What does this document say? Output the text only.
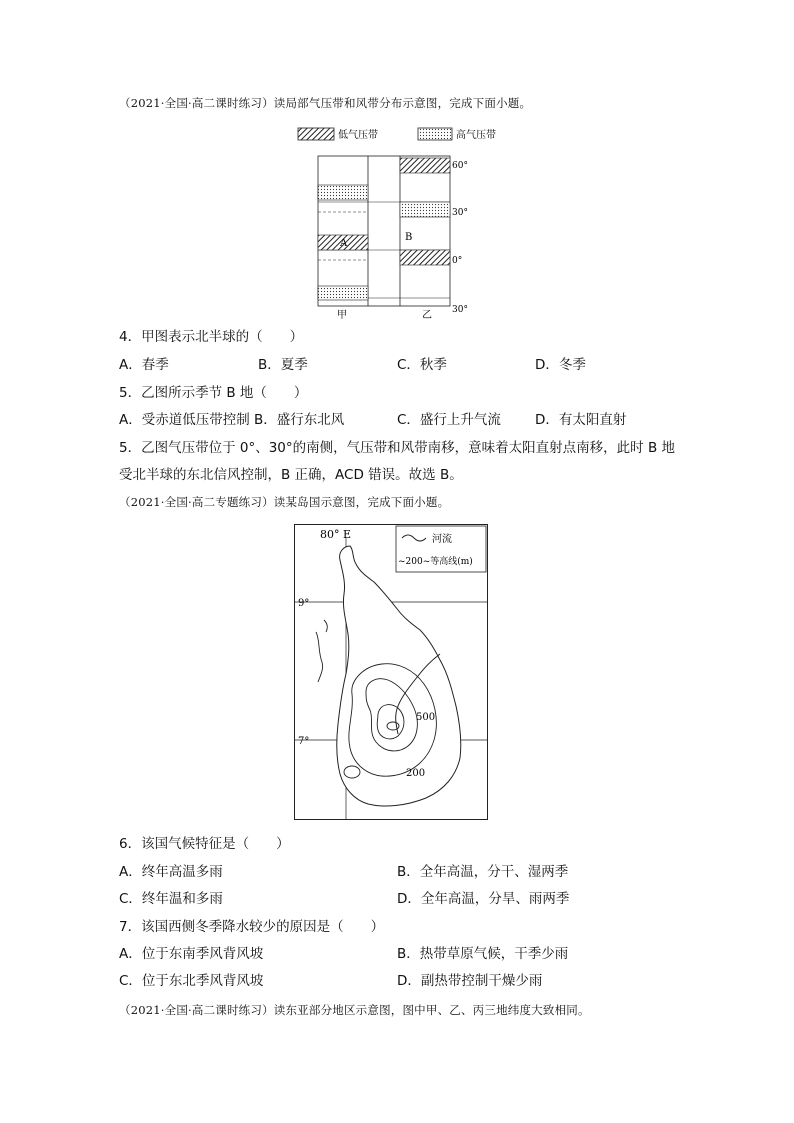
（2021·全国·高二课时练习）读局部气压带和风带分布示意图，完成下面小题。
低气压带	高气压带
A
B
60°
30°
0°
30°
甲	乙
4．甲图表示北半球的（　　）
A．春季	B．夏季	C．秋季	D．冬季
5．乙图所示季节 B 地（　　）
A．受赤道低压带控制 B．盛行东北风	C．盛行上升气流	D．有太阳直射
5．乙图气压带位于 0°、30°的南侧，气压带和风带南移，意味着太阳直射点南移，此时 B 地
受北半球的东北信风控制，B 正确，ACD 错误。故选 B。
（2021·全国·高二专题练习）读某岛国示意图，完成下面小题。
80° E
9°
7°
河流
~200~等高线(m)
500
200
6．该国气候特征是（　　）
A．终年高温多雨	B．全年高温，分干、湿两季
C．终年温和多雨	D．全年高温，分旱、雨两季
7．该国西侧冬季降水较少的原因是（　　）
A．位于东南季风背风坡	B．热带草原气候，干季少雨
C．位于东北季风背风坡	D．副热带控制干燥少雨
（2021·全国·高二课时练习）读东亚部分地区示意图，图中甲、乙、丙三地纬度大致相同。
